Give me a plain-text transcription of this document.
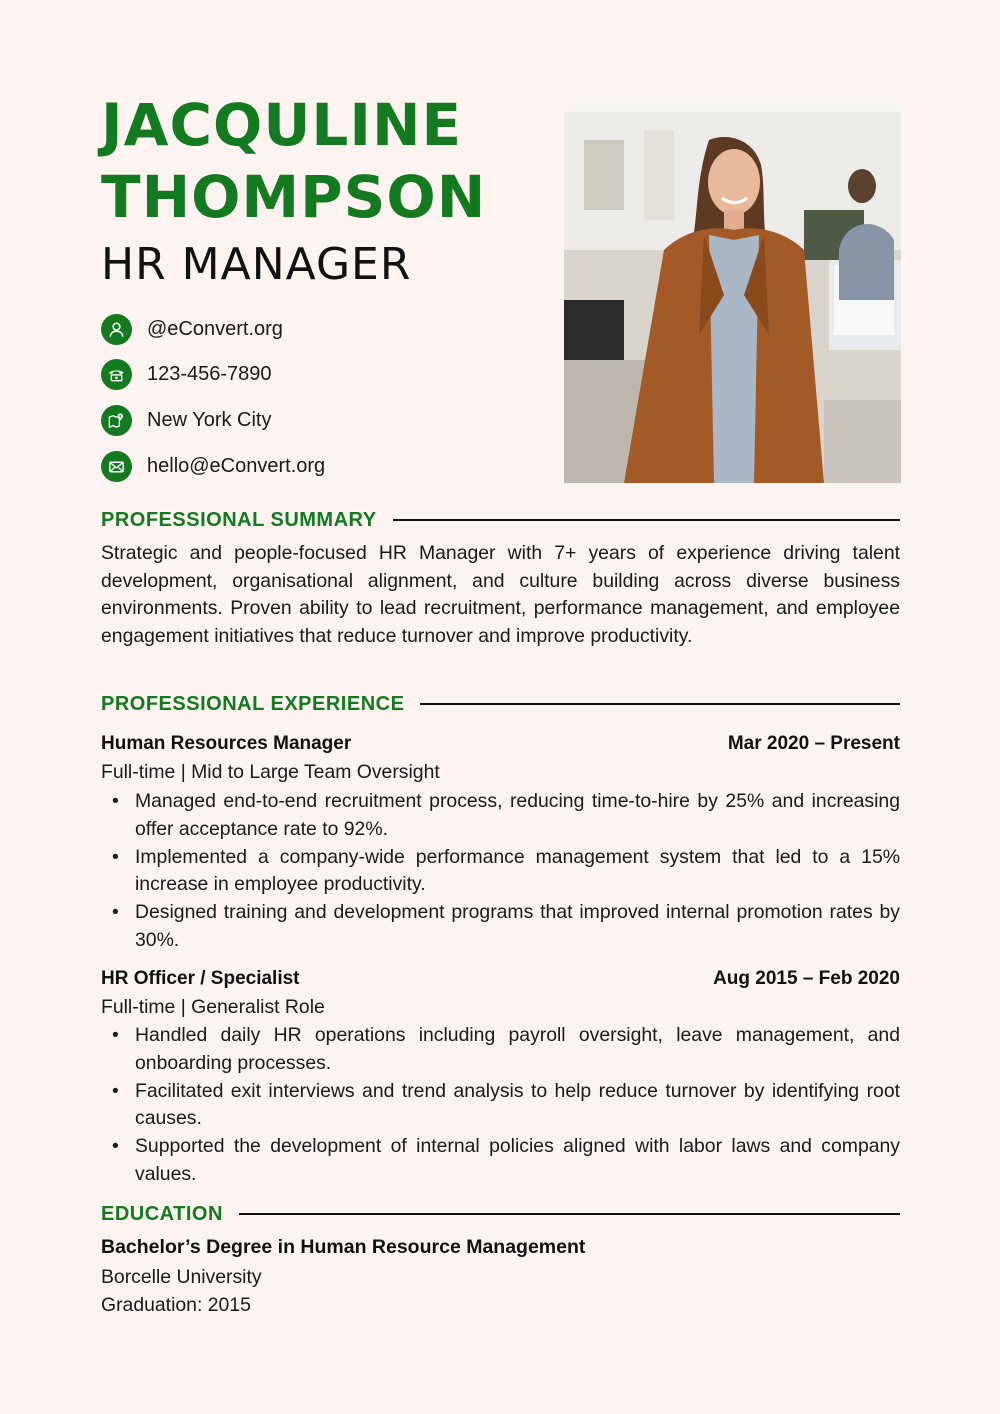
JACQULINE
THOMPSON
HR MANAGER
@eConvert.org
123-456-7890
New York City
hello@eConvert.org
PROFESSIONAL SUMMARY

Strategic and people-focused HR Manager with 7+ years of experience driving talent development, organisational alignment, and culture building across diverse business environments. Proven ability to lead recruitment, performance management, and employee engagement initiatives that reduce turnover and improve productivity.

PROFESSIONAL EXPERIENCE
Human Resources Manager	Mar 2020 – Present
Full-time | Mid to Large Team Oversight
• Managed end-to-end recruitment process, reducing time-to-hire by 25% and increasing offer acceptance rate to 92%.
• Implemented a company-wide performance management system that led to a 15% increase in employee productivity.
• Designed training and development programs that improved internal promotion rates by 30%.
HR Officer / Specialist	Aug 2015 – Feb 2020
Full-time | Generalist Role
• Handled daily HR operations including payroll oversight, leave management, and onboarding processes.
• Facilitated exit interviews and trend analysis to help reduce turnover by identifying root causes.
• Supported the development of internal policies aligned with labor laws and company values.
EDUCATION
Bachelor’s Degree in Human Resource Management
Borcelle University
Graduation: 2015
